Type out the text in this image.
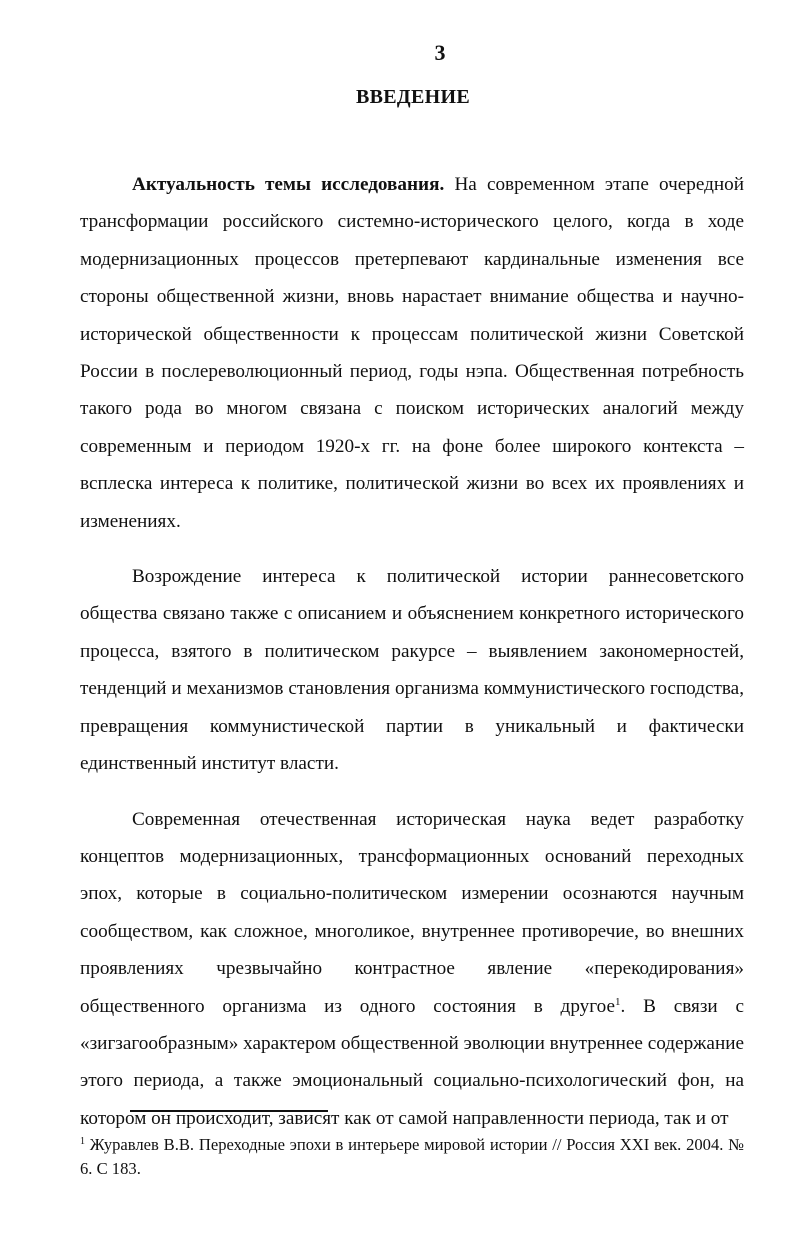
3
ВВЕДЕНИЕ

Актуальность темы исследования. На современном этапе очередной трансформации российского системно-исторического целого, когда в ходе модернизационных процессов претерпевают кардинальные изменения все стороны общественной жизни, вновь нарастает внимание общества и научно-исторической общественности к процессам политической жизни Советской России в послереволюционный период, годы нэпа. Общественная потребность такого рода во многом связана с поиском исторических аналогий между современным и периодом 1920-х гг. на фоне более широкого контекста – всплеска интереса к политике, политической жизни во всех их проявлениях и изменениях.

Возрождение интереса к политической истории раннесоветского общества связано также с описанием и объяснением конкретного исторического процесса, взятого в политическом ракурсе – выявлением закономерностей, тенденций и механизмов становления организма коммунистического господства, превращения коммунистической партии в уникальный и фактически единственный институт власти.

Современная отечественная историческая наука ведет разработку концептов модернизационных, трансформационных оснований переходных эпох, которые в социально-политическом измерении осознаются научным сообществом, как сложное, многоликое, внутреннее противоречие, во внешних проявлениях чрезвычайно контрастное явление «перекодирования» общественного организма из одного состояния в другое$^1$. В связи с «зигзагообразным» характером общественной эволюции внутреннее содержание этого периода, а также эмоциональный социально-психологический фон, на котором он происходит, зависят как от самой направленности периода, так и от

$^1$ Журавлев В.В. Переходные эпохи в интерьере мировой истории // Россия XXI век. 2004. № 6. С 183.
